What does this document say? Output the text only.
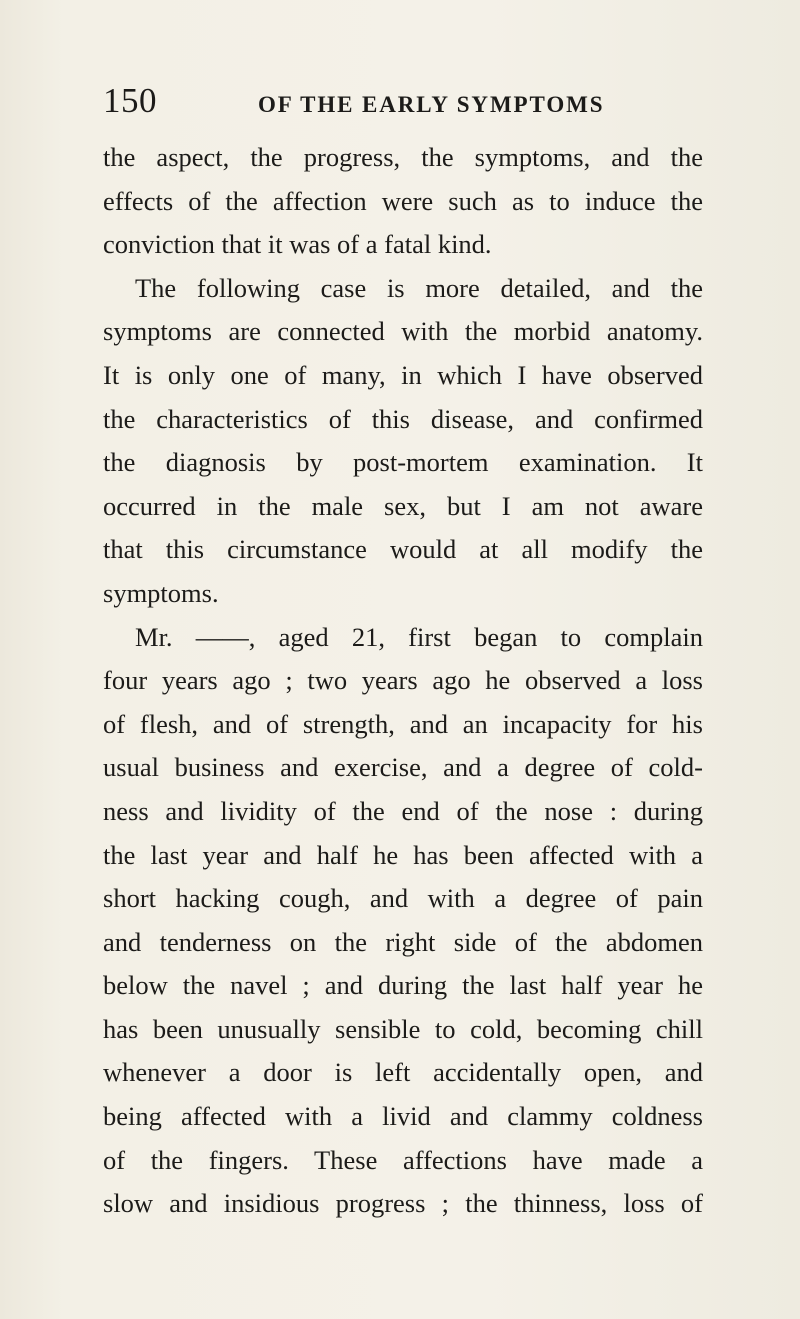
150	OF THE EARLY SYMPTOMS
the aspect, the progress, the symptoms, and the
effects of the affection were such as to induce the
conviction that it was of a fatal kind.
The following case is more detailed, and the
symptoms are connected with the morbid anatomy.
It is only one of many, in which I have observed
the characteristics of this disease, and confirmed
the diagnosis by post-mortem examination. It
occurred in the male sex, but I am not aware
that this circumstance would at all modify the
symptoms.
Mr. ——, aged 21, first began to complain
four years ago ; two years ago he observed a loss
of flesh, and of strength, and an incapacity for his
usual business and exercise, and a degree of cold-
ness and lividity of the end of the nose : during
the last year and half he has been affected with a
short hacking cough, and with a degree of pain
and tenderness on the right side of the abdomen
below the navel ; and during the last half year he
has been unusually sensible to cold, becoming chill
whenever a door is left accidentally open, and
being affected with a livid and clammy coldness
of the fingers. These affections have made a
slow and insidious progress ; the thinness, loss of
